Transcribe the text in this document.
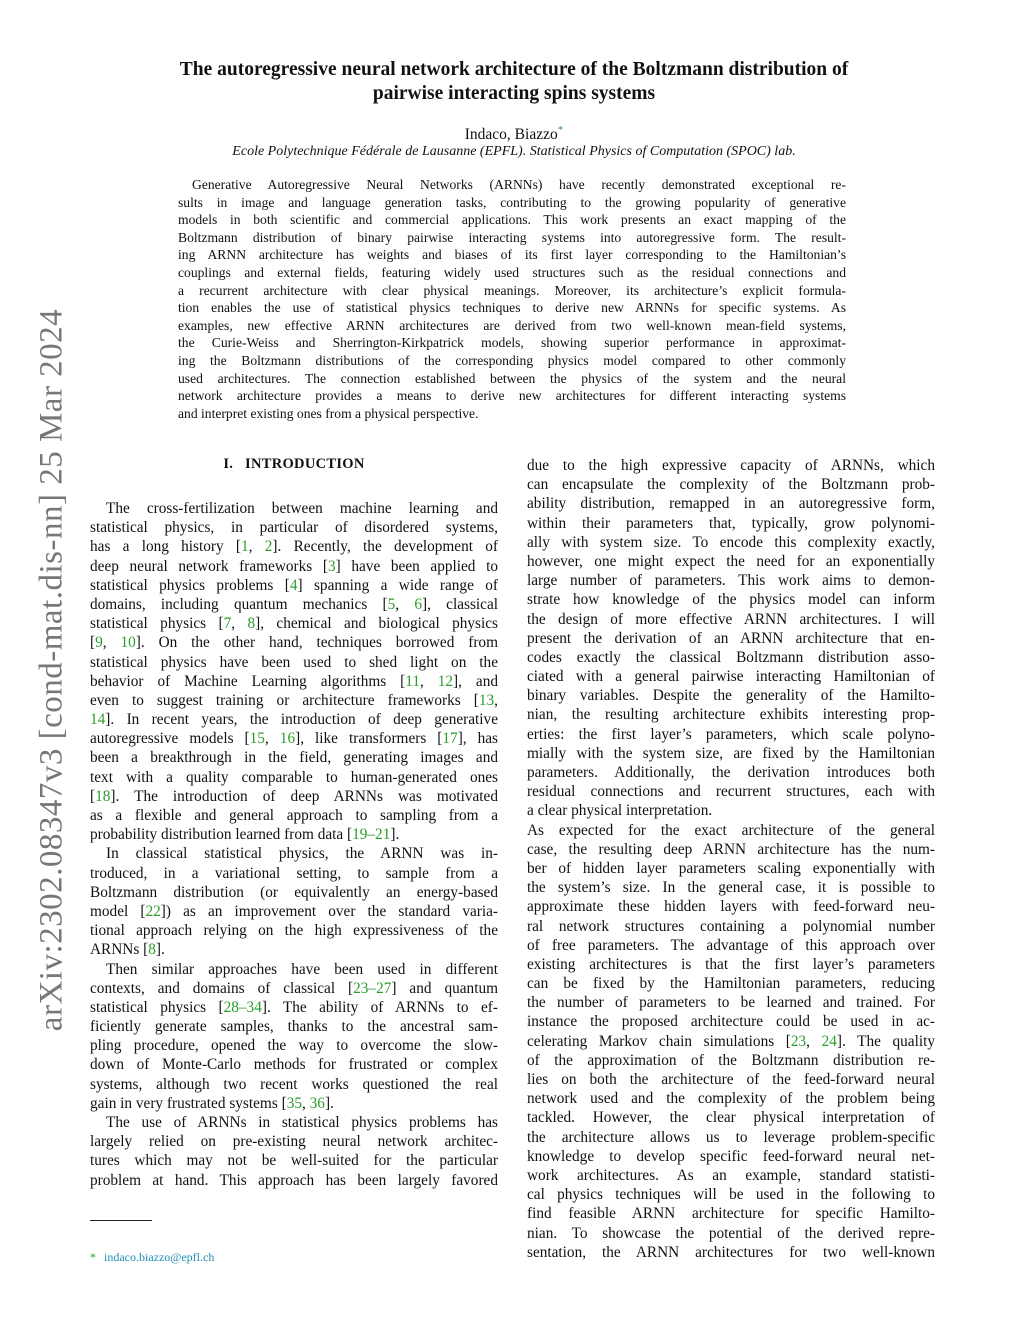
arXiv:2302.08347v3 [cond-mat.dis-nn] 25 Mar 2024
The autoregressive neural network architecture of the Boltzmann distribution of
pairwise interacting spins systems
Indaco, Biazzo*
Ecole Polytechnique Fédérale de Lausanne (EPFL). Statistical Physics of Computation (SPOC) lab.
Generative Autoregressive Neural Networks (ARNNs) have recently demonstrated exceptional re-
sults in image and language generation tasks, contributing to the growing popularity of generative
models in both scientific and commercial applications. This work presents an exact mapping of the
Boltzmann distribution of binary pairwise interacting systems into autoregressive form. The result-
ing ARNN architecture has weights and biases of its first layer corresponding to the Hamiltonian’s
couplings and external fields, featuring widely used structures such as the residual connections and
a recurrent architecture with clear physical meanings. Moreover, its architecture’s explicit formula-
tion enables the use of statistical physics techniques to derive new ARNNs for specific systems. As
examples, new effective ARNN architectures are derived from two well-known mean-field systems,
the Curie-Weiss and Sherrington-Kirkpatrick models, showing superior performance in approximat-
ing the Boltzmann distributions of the corresponding physics model compared to other commonly
used architectures. The connection established between the physics of the system and the neural
network architecture provides a means to derive new architectures for different interacting systems
and interpret existing ones from a physical perspective.
I. INTRODUCTION
The cross-fertilization between machine learning and
statistical physics, in particular of disordered systems,
has a long history [1, 2]. Recently, the development of
deep neural network frameworks [3] have been applied to
statistical physics problems [4] spanning a wide range of
domains, including quantum mechanics [5, 6], classical
statistical physics [7, 8], chemical and biological physics
[9, 10]. On the other hand, techniques borrowed from
statistical physics have been used to shed light on the
behavior of Machine Learning algorithms [11, 12], and
even to suggest training or architecture frameworks [13,
14]. In recent years, the introduction of deep generative
autoregressive models [15, 16], like transformers [17], has
been a breakthrough in the field, generating images and
text with a quality comparable to human-generated ones
[18]. The introduction of deep ARNNs was motivated
as a flexible and general approach to sampling from a
probability distribution learned from data [19–21].
In classical statistical physics, the ARNN was in-
troduced, in a variational setting, to sample from a
Boltzmann distribution (or equivalently an energy-based
model [22]) as an improvement over the standard varia-
tional approach relying on the high expressiveness of the
ARNNs [8].
Then similar approaches have been used in different
contexts, and domains of classical [23–27] and quantum
statistical physics [28–34]. The ability of ARNNs to ef-
ficiently generate samples, thanks to the ancestral sam-
pling procedure, opened the way to overcome the slow-
down of Monte-Carlo methods for frustrated or complex
systems, although two recent works questioned the real
gain in very frustrated systems [35, 36].
The use of ARNNs in statistical physics problems has
largely relied on pre-existing neural network architec-
tures which may not be well-suited for the particular
problem at hand. This approach has been largely favored
due to the high expressive capacity of ARNNs, which
can encapsulate the complexity of the Boltzmann prob-
ability distribution, remapped in an autoregressive form,
within their parameters that, typically, grow polynomi-
ally with system size. To encode this complexity exactly,
however, one might expect the need for an exponentially
large number of parameters. This work aims to demon-
strate how knowledge of the physics model can inform
the design of more effective ARNN architectures. I will
present the derivation of an ARNN architecture that en-
codes exactly the classical Boltzmann distribution asso-
ciated with a general pairwise interacting Hamiltonian of
binary variables. Despite the generality of the Hamilto-
nian, the resulting architecture exhibits interesting prop-
erties: the first layer’s parameters, which scale polyno-
mially with the system size, are fixed by the Hamiltonian
parameters. Additionally, the derivation introduces both
residual connections and recurrent structures, each with
a clear physical interpretation.
As expected for the exact architecture of the general
case, the resulting deep ARNN architecture has the num-
ber of hidden layer parameters scaling exponentially with
the system’s size. In the general case, it is possible to
approximate these hidden layers with feed-forward neu-
ral network structures containing a polynomial number
of free parameters. The advantage of this approach over
existing architectures is that the first layer’s parameters
can be fixed by the Hamiltonian parameters, reducing
the number of parameters to be learned and trained. For
instance the proposed architecture could be used in ac-
celerating Markov chain simulations [23, 24]. The quality
of the approximation of the Boltzmann distribution re-
lies on both the architecture of the feed-forward neural
network used and the complexity of the problem being
tackled. However, the clear physical interpretation of
the architecture allows us to leverage problem-specific
knowledge to develop specific feed-forward neural net-
work architectures. As an example, standard statisti-
cal physics techniques will be used in the following to
find feasible ARNN architecture for specific Hamilto-
nian. To showcase the potential of the derived repre-
sentation, the ARNN architectures for two well-known
* indaco.biazzo@epfl.ch
